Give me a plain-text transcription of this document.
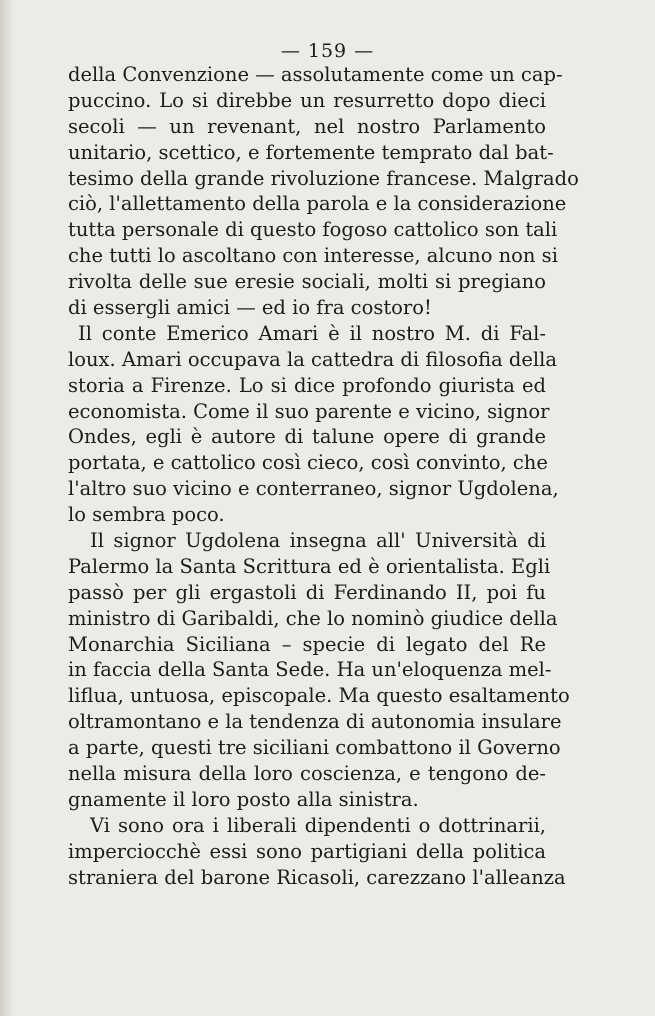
— 159 —
della Convenzione — assolutamente come un cap-
puccino. Lo si direbbe un resurretto dopo dieci
secoli — un revenant, nel nostro Parlamento
unitario, scettico, e fortemente temprato dal bat-
tesimo della grande rivoluzione francese. Malgrado
ciò, l'allettamento della parola e la considerazione
tutta personale di questo fogoso cattolico son tali
che tutti lo ascoltano con interesse, alcuno non si
rivolta delle sue eresie sociali, molti si pregiano
di essergli amici — ed io fra costoro!
Il conte Emerico Amari è il nostro M. di Fal-
loux. Amari occupava la cattedra di filosofia della
storia a Firenze. Lo si dice profondo giurista ed
economista. Come il suo parente e vicino, signor
Ondes, egli è autore di talune opere di grande
portata, e cattolico così cieco, così convinto, che
l'altro suo vicino e conterraneo, signor Ugdolena,
lo sembra poco.
Il signor Ugdolena insegna all' Università di
Palermo la Santa Scrittura ed è orientalista. Egli
passò per gli ergastoli di Ferdinando II, poi fu
ministro di Garibaldi, che lo nominò giudice della
Monarchia Siciliana – specie di legato del Re
in faccia della Santa Sede. Ha un'eloquenza mel-
liflua, untuosa, episcopale. Ma questo esaltamento
oltramontano e la tendenza di autonomia insulare
a parte, questi tre siciliani combattono il Governo
nella misura della loro coscienza, e tengono de-
gnamente il loro posto alla sinistra.
Vi sono ora i liberali dipendenti o dottrinarii,
imperciocchè essi sono partigiani della politica
straniera del barone Ricasoli, carezzano l'alleanza
